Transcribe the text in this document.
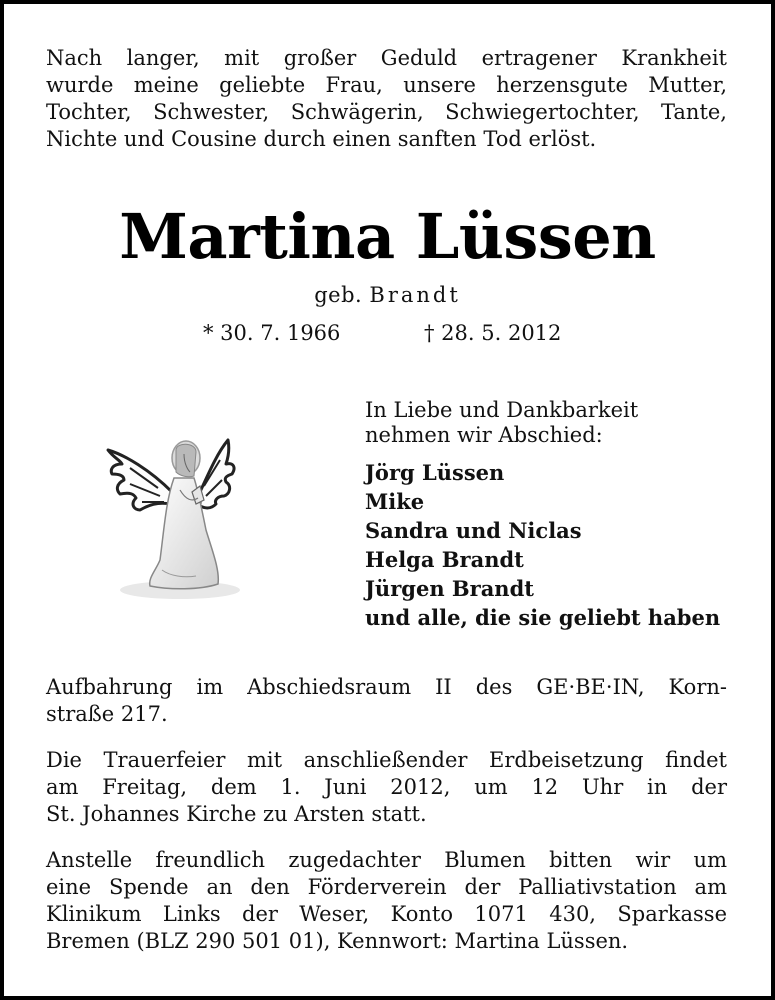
Nach langer, mit großer Geduld ertragener Krankheit
wurde meine geliebte Frau, unsere herzensgute Mutter,
Tochter, Schwester, Schwägerin, Schwiegertochter, Tante,
Nichte und Cousine durch einen sanften Tod erlöst.
Martina Lüssen
geb. Brandt
* 30. 7. 1966	† 28. 5. 2012
In Liebe und Dankbarkeit
nehmen wir Abschied:
Jörg Lüssen
Mike
Sandra und Niclas
Helga Brandt
Jürgen Brandt
und alle, die sie geliebt haben
Aufbahrung im Abschiedsraum II des GE·BE·IN, Korn-
straße 217.
Die Trauerfeier mit anschließender Erdbeisetzung findet
am Freitag, dem 1. Juni 2012, um 12 Uhr in der
St. Johannes Kirche zu Arsten statt.
Anstelle freundlich zugedachter Blumen bitten wir um
eine Spende an den Förderverein der Palliativstation am
Klinikum Links der Weser, Konto 1071 430, Sparkasse
Bremen (BLZ 290 501 01), Kennwort: Martina Lüssen.
